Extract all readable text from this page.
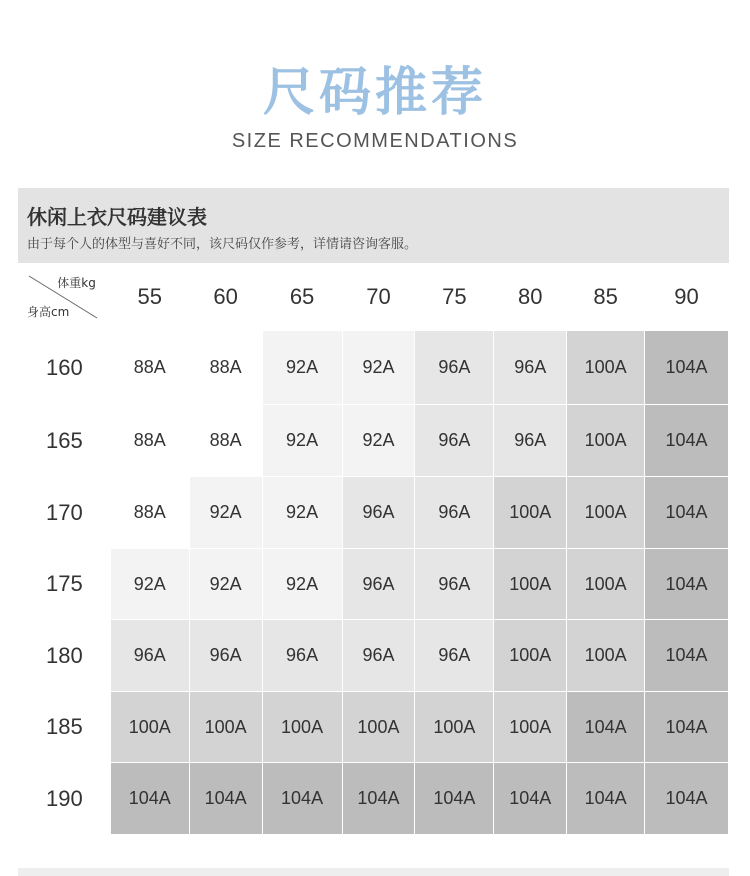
尺码推荐
SIZE RECOMMENDATIONS
休闲上衣尺码建议表
由于每个人的体型与喜好不同，该尺码仅作参考，详情请咨询客服。
体重kg
身高cm	55	60	65	70	75	80	85	90
160	88A	88A	92A	92A	96A	96A	100A	104A
165	88A	88A	92A	92A	96A	96A	100A	104A
170	88A	92A	92A	96A	96A	100A	100A	104A
175	92A	92A	92A	96A	96A	100A	100A	104A
180	96A	96A	96A	96A	96A	100A	100A	104A
185	100A	100A	100A	100A	100A	100A	104A	104A
190	104A	104A	104A	104A	104A	104A	104A	104A
